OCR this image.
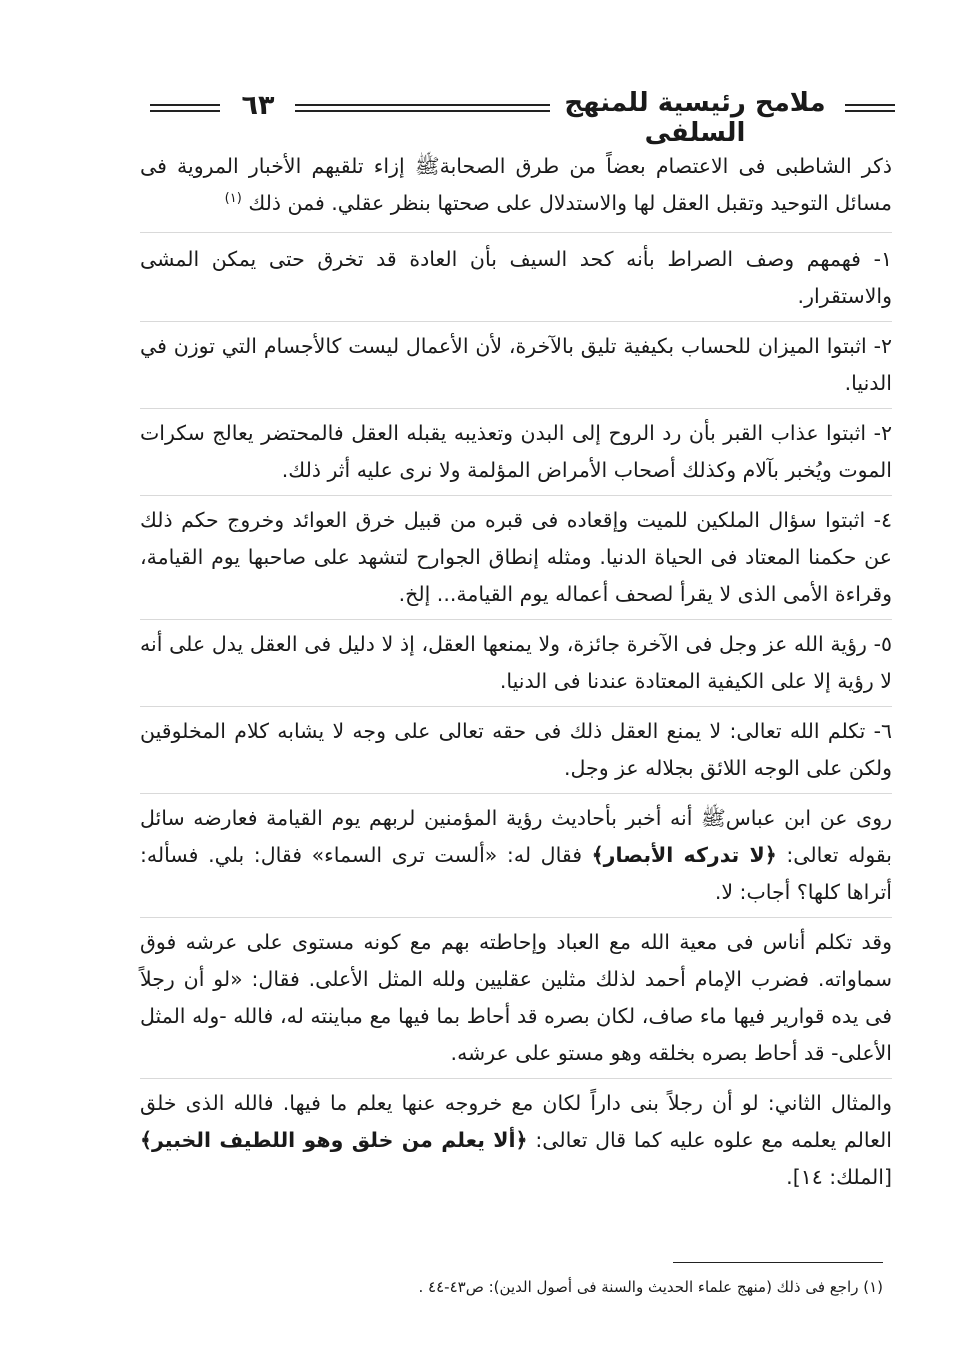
٦٣	ملامح رئيسية للمنهج السلفى

ذكر الشاطبى فى الاعتصام بعضاً من طرق الصحابةﷺ إزاء تلقيهم الأخبار المروية فى مسائل التوحيد وتقبل العقل لها والاستدلال على صحتها بنظر عقلي. فمن ذلك $^{(١)}$

١- فهمهم وصف الصراط بأنه كحد السيف بأن العادة قد تخرق حتى يمكن المشى والاستقرار.

٢- اثبتوا الميزان للحساب بكيفية تليق بالآخرة، لأن الأعمال ليست كالأجسام التي توزن في الدنيا.

٢- اثبتوا عذاب القبر بأن رد الروح إلى البدن وتعذيبه يقبله العقل فالمحتضر يعالج سكرات الموت ويُخبر بآلام وكذلك أصحاب الأمراض المؤلمة ولا نرى عليه أثر ذلك.

٤- اثبتوا سؤال الملكين للميت وإقعاده فى قبره من قبيل خرق العوائد وخروج حكم ذلك عن حكمنا المعتاد فى الحياة الدنيا. ومثله إنطاق الجوارح لتشهد على صاحبها يوم القيامة، وقراءة الأمى الذى لا يقرأ لصحف أعماله يوم القيامة... إلخ.

٥- رؤية الله عز وجل فى الآخرة جائزة، ولا يمنعها العقل، إذ لا دليل فى العقل يدل على أنه لا رؤية إلا على الكيفية المعتادة عندنا فى الدنيا.

٦- تكلم الله تعالى: لا يمنع العقل ذلك فى حقه تعالى على وجه لا يشابه كلام المخلوقين ولكن على الوجه اللائق بجلاله عز وجل.

روى عن ابن عباسﷺ أنه أخبر بأحاديث رؤية المؤمنين لربهم يوم القيامة فعارضه سائل بقوله تعالى: ﴿لا تدركه الأبصار﴾ فقال له: «ألست ترى السماء» فقال: بلي. فسأله: أتراها كلها؟ أجاب: لا.

وقد تكلم أناس فى معية الله مع العباد وإحاطته بهم مع كونه مستوى على عرشه فوق سماواته. فضرب الإمام أحمد لذلك مثلين عقليين ولله المثل الأعلى. فقال: «لو أن رجلاً فى يده قوارير فيها ماء صاف، لكان بصره قد أحاط بما فيها مع مباينته له، فالله -وله المثل الأعلى- قد أحاط بصره بخلقه وهو مستو على عرشه.

والمثال الثاني: لو أن رجلاً بنى داراً لكان مع خروجه عنها يعلم ما فيها. فالله الذى خلق العالم يعلمه مع علوه عليه كما قال تعالى: ﴿ألا يعلم من خلق وهو اللطيف الخبير﴾ [الملك: ١٤].

(١) راجع فى ذلك (منهج علماء الحديث والسنة فى أصول الدين): ص٤٣-٤٤ .
